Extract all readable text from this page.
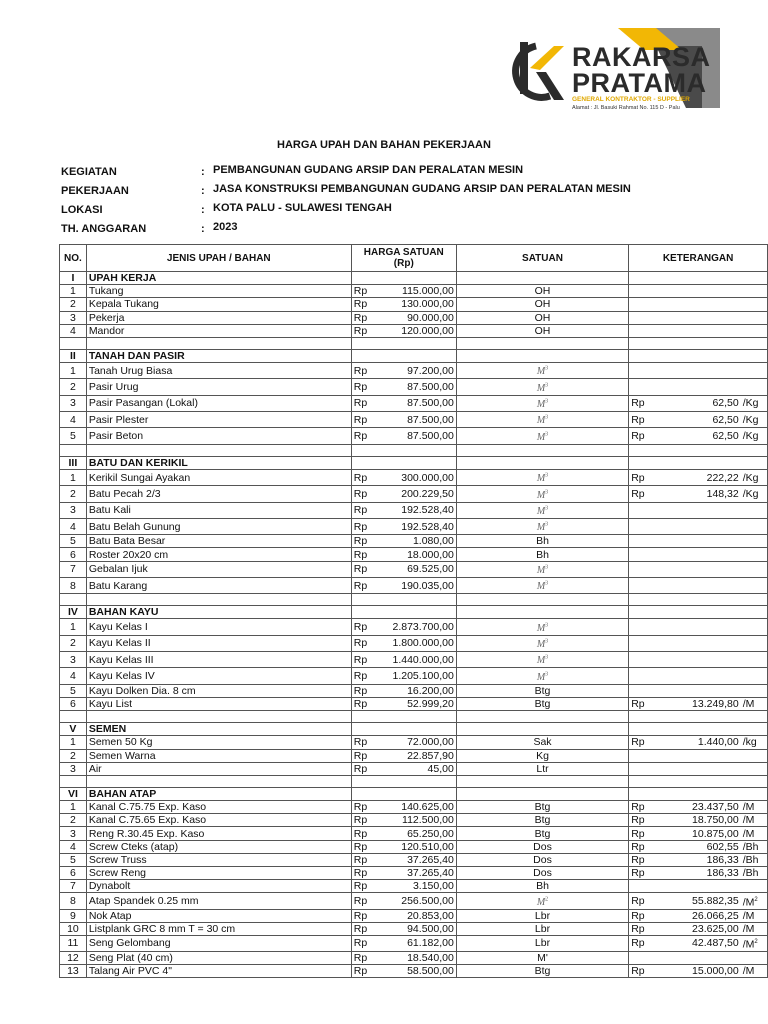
RAKARSA
PRATAMA
GENERAL KONTRAKTOR - SUPPLIER
Alamat : Jl. Basuki Rahmat No. 115 D - Palu
HARGA UPAH DAN BAHAN PEKERJAAN
KEGIATAN	: PEMBANGUNAN GUDANG ARSIP DAN PERALATAN MESIN
PEKERJAAN	: JASA KONSTRUKSI PEMBANGUNAN GUDANG ARSIP DAN PERALATAN MESIN
LOKASI	: KOTA PALU - SULAWESI TENGAH
TH. ANGGARAN	: 2023
NO.	JENIS UPAH / BAHAN	HARGA SATUAN (Rp)		SATUAN	KETERANGAN		
I	UPAH KERJA						
1	Tukang	Rp	115.000,00	OH			
2	Kepala Tukang	Rp	130.000,00	OH			
3	Pekerja	Rp	90.000,00	OH			
4	Mandor	Rp	120.000,00	OH			

II	TANAH DAN PASIR						
1	Tanah Urug Biasa	Rp	97.200,00	$M^3$			
2	Pasir Urug	Rp	87.500,00	$M^3$			
3	Pasir Pasangan (Lokal)	Rp	87.500,00	$M^3$	Rp	62,50	/Kg
4	Pasir Plester	Rp	87.500,00	$M^3$	Rp	62,50	/Kg
5	Pasir Beton	Rp	87.500,00	$M^3$	Rp	62,50	/Kg

III	BATU DAN KERIKIL						
1	Kerikil Sungai Ayakan	Rp	300.000,00	$M^3$	Rp	222,22	/Kg
2	Batu Pecah 2/3	Rp	200.229,50	$M^3$	Rp	148,32	/Kg
3	Batu Kali	Rp	192.528,40	$M^3$			
4	Batu Belah Gunung	Rp	192.528,40	$M^3$			
5	Batu Bata Besar	Rp	1.080,00	Bh			
6	Roster 20x20 cm	Rp	18.000,00	Bh			
7	Gebalan Ijuk	Rp	69.525,00	$M^3$			
8	Batu Karang	Rp	190.035,00	$M^3$			

IV	BAHAN KAYU						
1	Kayu Kelas I	Rp	2.873.700,00	$M^3$			
2	Kayu Kelas II	Rp	1.800.000,00	$M^3$			
3	Kayu Kelas III	Rp	1.440.000,00	$M^3$			
4	Kayu Kelas IV	Rp	1.205.100,00	$M^3$			
5	Kayu Dolken Dia. 8 cm	Rp	16.200,00	Btg			
6	Kayu List	Rp	52.999,20	Btg	Rp	13.249,80	/M

V	SEMEN						
1	Semen 50 Kg	Rp	72.000,00	Sak	Rp	1.440,00	/kg
2	Semen Warna	Rp	22.857,90	Kg			
3	Air	Rp	45,00	Ltr			

VI	BAHAN ATAP						
1	Kanal C.75.75 Exp. Kaso	Rp	140.625,00	Btg	Rp	23.437,50	/M
2	Kanal C.75.65 Exp. Kaso	Rp	112.500,00	Btg	Rp	18.750,00	/M
3	Reng R.30.45 Exp. Kaso	Rp	65.250,00	Btg	Rp	10.875,00	/M
4	Screw Cteks (atap)	Rp	120.510,00	Dos	Rp	602,55	/Bh
5	Screw Truss	Rp	37.265,40	Dos	Rp	186,33	/Bh
6	Screw Reng	Rp	37.265,40	Dos	Rp	186,33	/Bh
7	Dynabolt	Rp	3.150,00	Bh			
8	Atap Spandek 0.25 mm	Rp	256.500,00	$M^2$	Rp	55.882,35	$/M^2$
9	Nok Atap	Rp	20.853,00	Lbr	Rp	26.066,25	/M
10	Listplank GRC 8 mm T = 30 cm	Rp	94.500,00	Lbr	Rp	23.625,00	/M
11	Seng Gelombang	Rp	61.182,00	Lbr	Rp	42.487,50	$/M^2$
12	Seng Plat (40 cm)	Rp	18.540,00	M'			
13	Talang Air PVC 4"	Rp	58.500,00	Btg	Rp	15.000,00	/M
